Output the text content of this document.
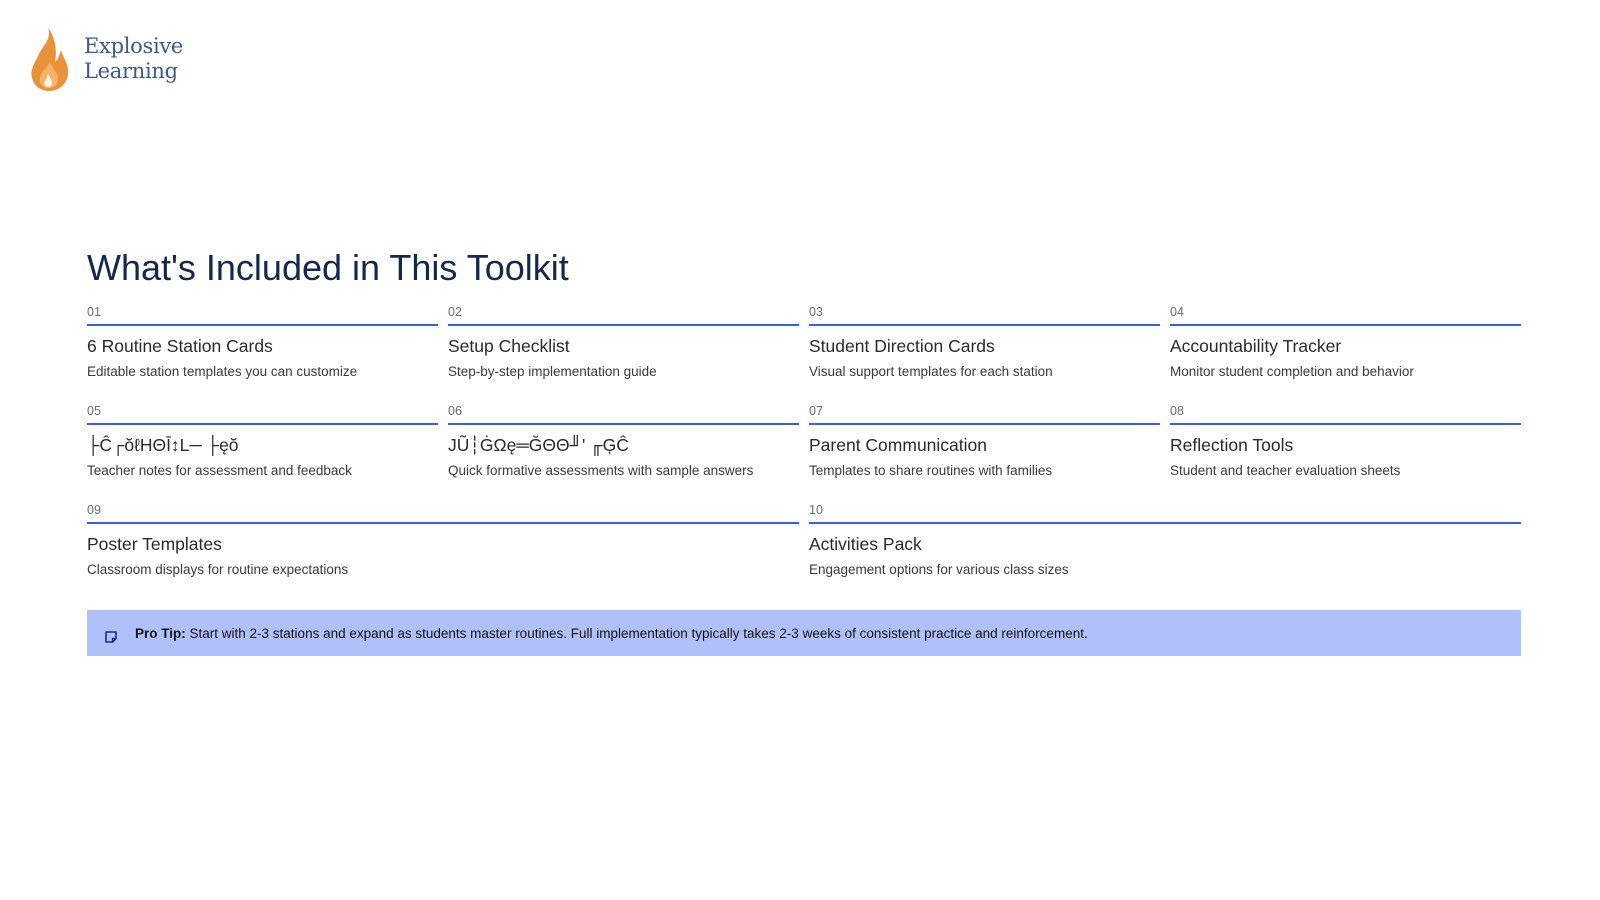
Explosive
Learning
What's Included in This Toolkit
01
6 Routine Station Cards
Editable station templates you can customize
02
Setup Checklist
Step-by-step implementation guide
03
Student Direction Cards
Visual support templates for each station
04
Accountability Tracker
Monitor student completion and behavior
05
├Ĉ┌ŏℓΗΘĪ↕L─ ├ęŏ
Teacher notes for assessment and feedback
06
JŨ┆ĠΩę═ĞΘΘ╜' ╓ĢĈ
Quick formative assessments with sample answers
07
Parent Communication
Templates to share routines with families
08
Reflection Tools
Student and teacher evaluation sheets
09
Poster Templates
Classroom displays for routine expectations
10
Activities Pack
Engagement options for various class sizes
Pro Tip: Start with 2-3 stations and expand as students master routines. Full implementation typically takes 2-3 weeks of consistent practice and reinforcement.
